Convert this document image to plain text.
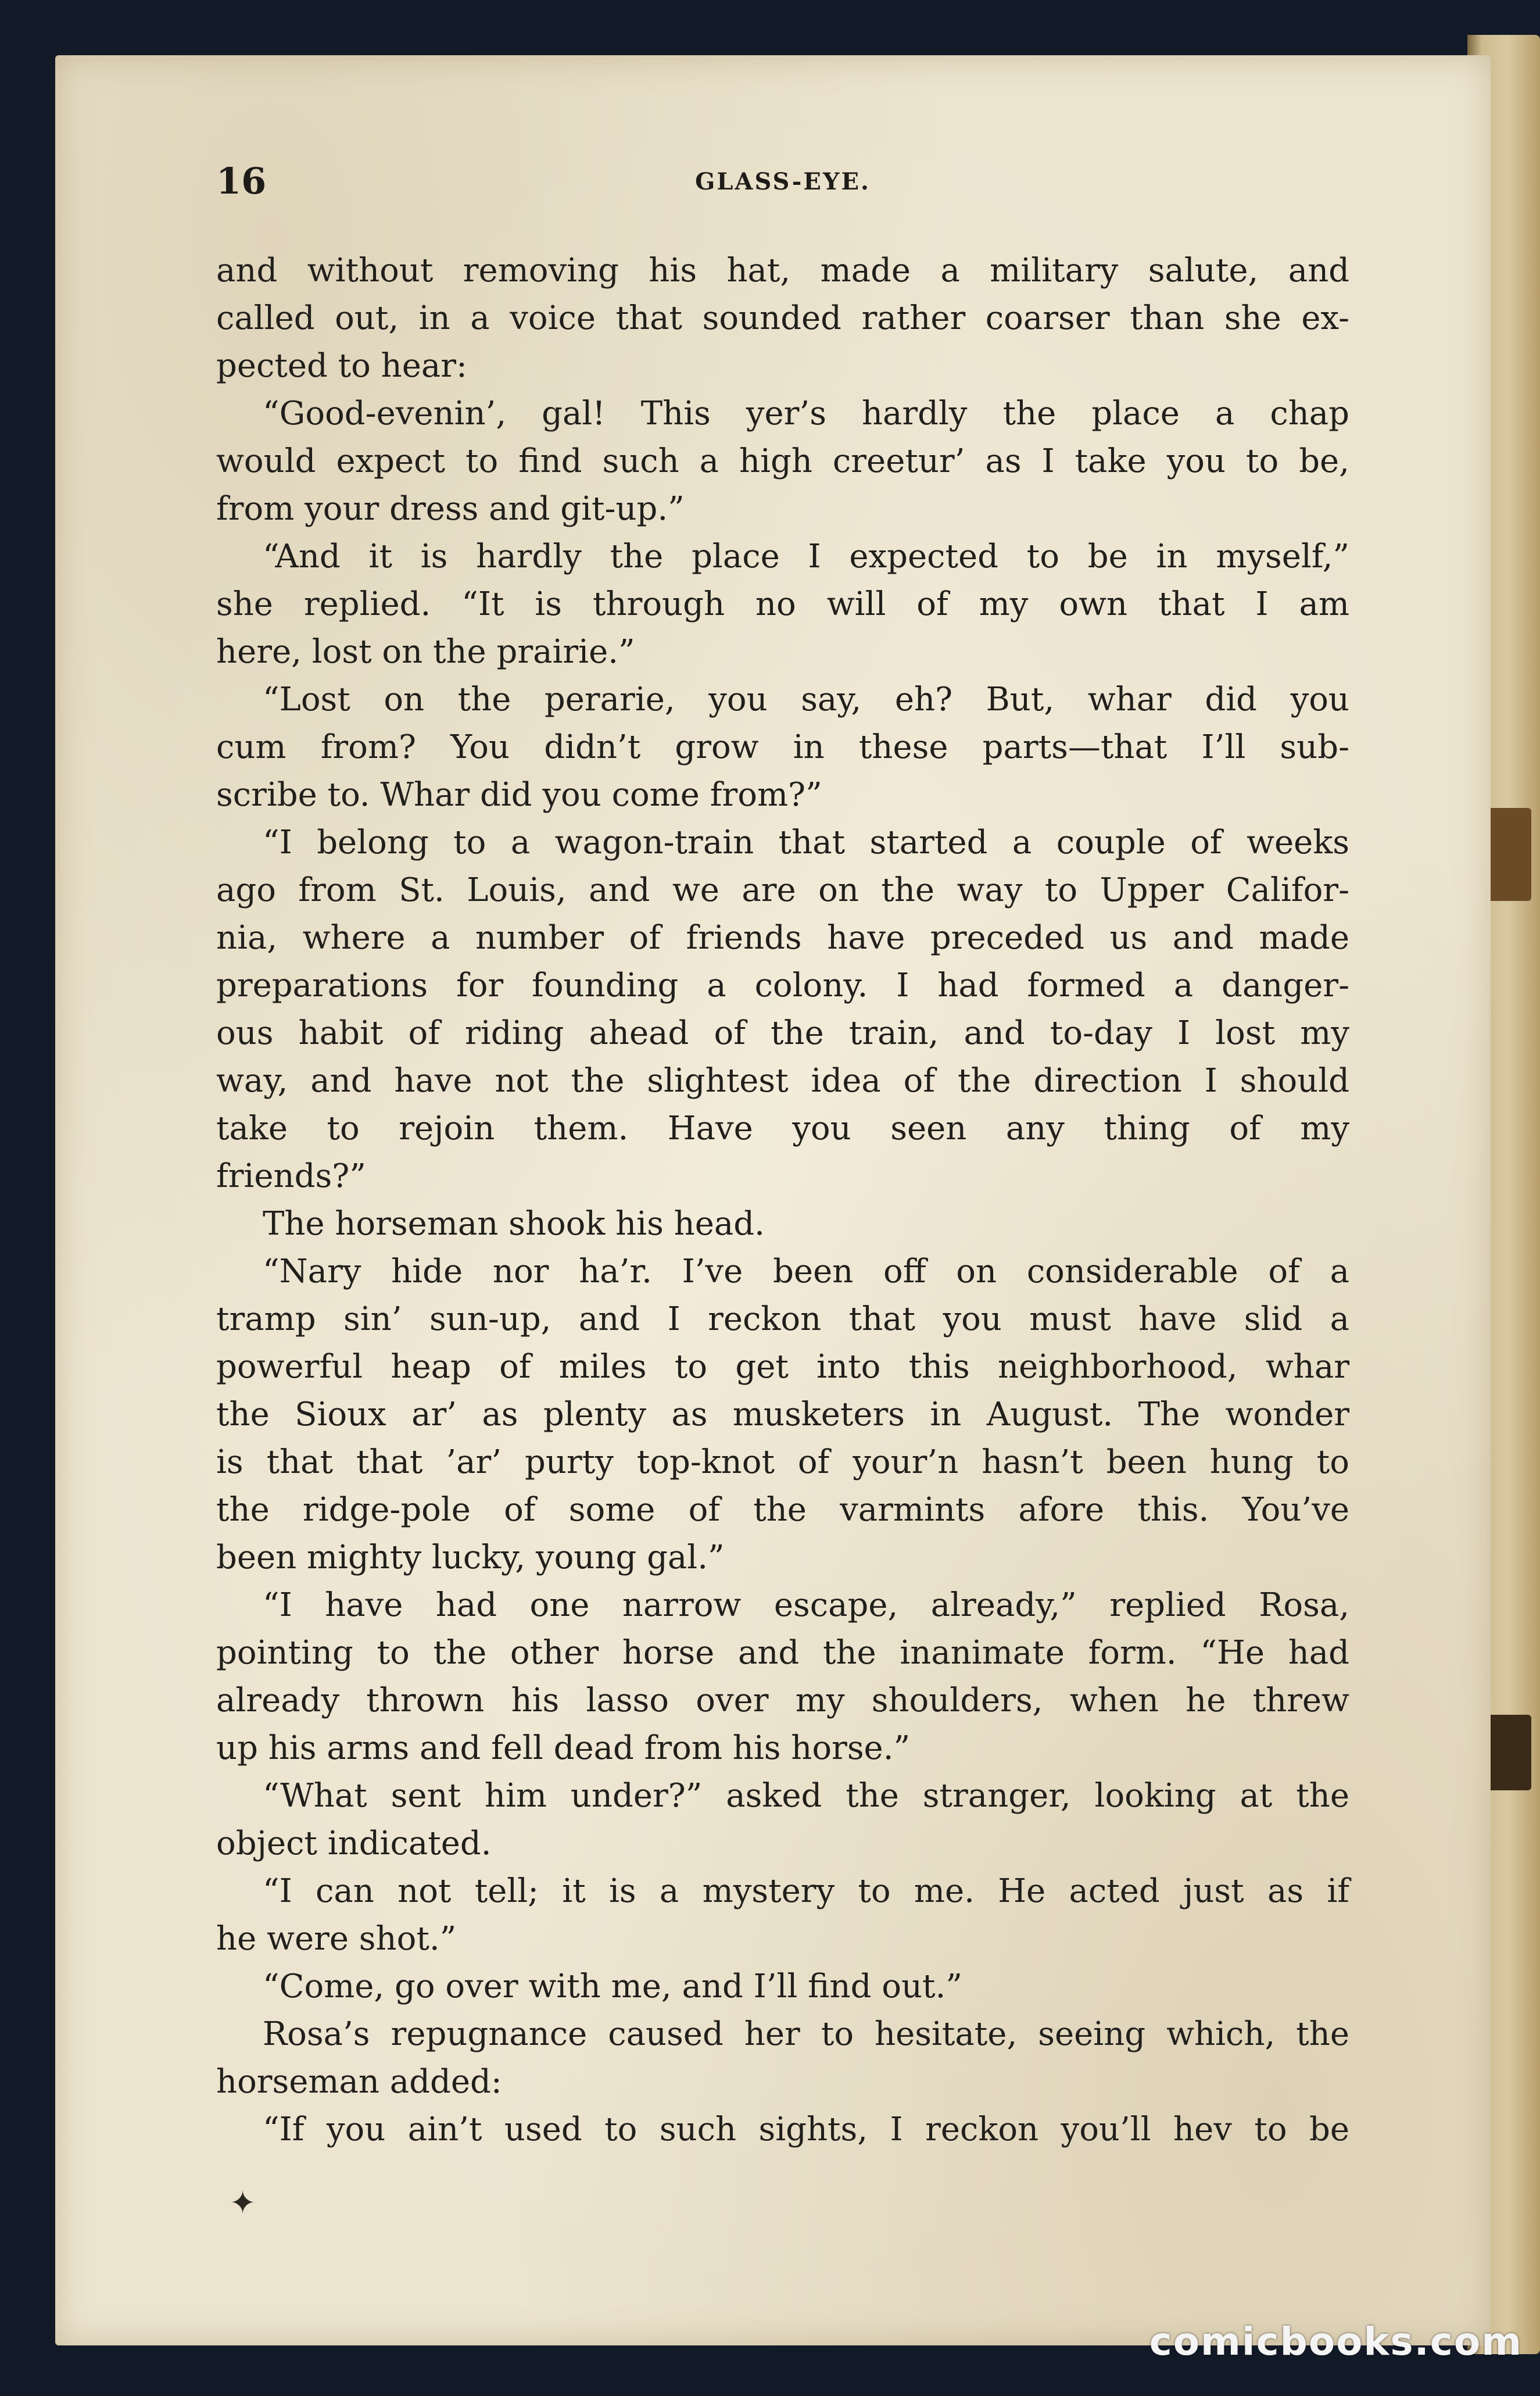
16	GLASS-EYE.
and without removing his hat, made a military salute, and
called out, in a voice that sounded rather coarser than she ex-
pected to hear:
“Good-evenin’, gal! This yer’s hardly the place a chap
would expect to find such a high creetur’ as I take you to be,
from your dress and git-up.”
“And it is hardly the place I expected to be in myself,”
she replied. “It is through no will of my own that I am
here, lost on the prairie.”
“Lost on the perarie, you say, eh? But, whar did you
cum from? You didn’t grow in these parts—that I’ll sub-
scribe to. Whar did you come from?”
“I belong to a wagon-train that started a couple of weeks
ago from St. Louis, and we are on the way to Upper Califor-
nia, where a number of friends have preceded us and made
preparations for founding a colony. I had formed a danger-
ous habit of riding ahead of the train, and to-day I lost my
way, and have not the slightest idea of the direction I should
take to rejoin them. Have you seen any thing of my
friends?”
The horseman shook his head.
“Nary hide nor ha’r. I’ve been off on considerable of a
tramp sin’ sun-up, and I reckon that you must have slid a
powerful heap of miles to get into this neighborhood, whar
the Sioux ar’ as plenty as musketers in August. The wonder
is that that ’ar’ purty top-knot of your’n hasn’t been hung to
the ridge-pole of some of the varmints afore this. You’ve
been mighty lucky, young gal.”
“I have had one narrow escape, already,” replied Rosa,
pointing to the other horse and the inanimate form. “He had
already thrown his lasso over my shoulders, when he threw
up his arms and fell dead from his horse.”
“What sent him under?” asked the stranger, looking at the
object indicated.
“I can not tell; it is a mystery to me. He acted just as if
he were shot.”
“Come, go over with me, and I’ll find out.”
Rosa’s repugnance caused her to hesitate, seeing which, the
horseman added:
“If you ain’t used to such sights, I reckon you’ll hev to be
✦
comicbooks.com
